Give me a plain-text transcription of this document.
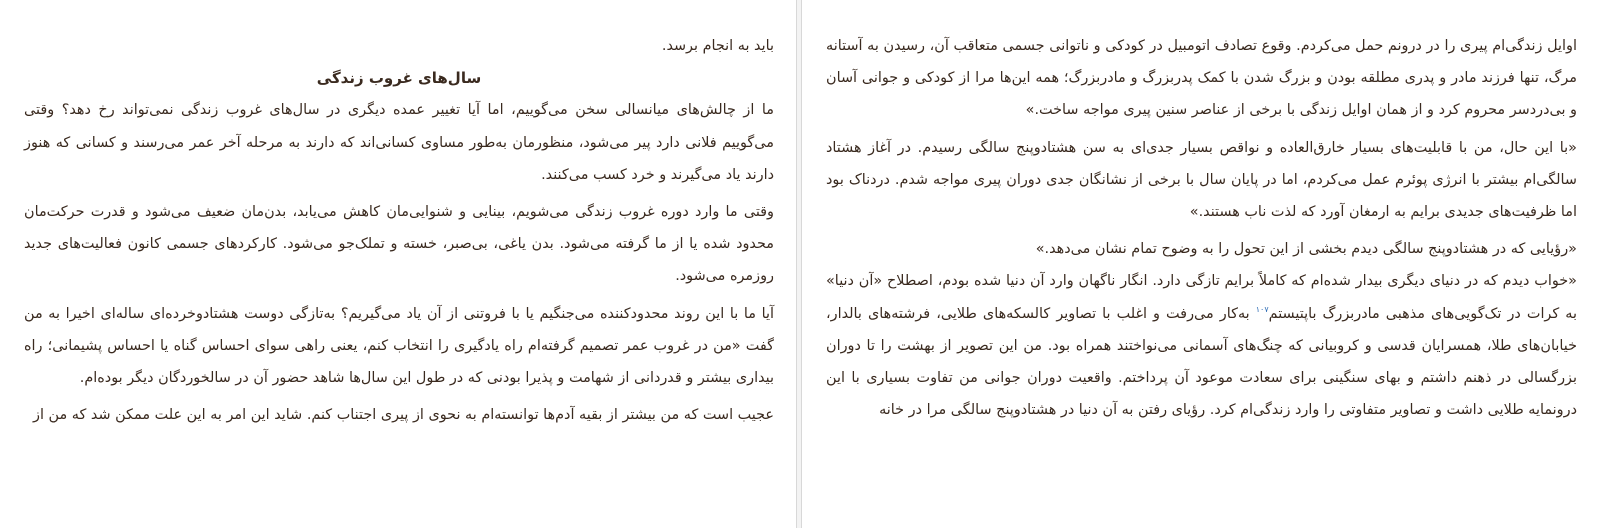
باید به انجام برسد.

سال‌های غروب زندگی

ما از چالش‌های میانسالی سخن می‌گوییم، اما آیا تغییر عمده دیگری در سال‌های غروب زندگی نمی‌تواند رخ دهد؟ وقتی می‌گوییم فلانی دارد پیر می‌شود، منظورمان به‌طور مساوی کسانی‌اند که دارند به مرحله آخر عمر می‌رسند و کسانی که هنوز دارند یاد می‌گیرند و خرد کسب می‌کنند.

وقتی ما وارد دوره غروب زندگی می‌شویم، بینایی و شنوایی‌مان کاهش می‌یابد، بدن‌مان ضعیف می‌شود و قدرت حرکت‌مان محدود شده یا از ما گرفته می‌شود. بدن یاغی، بی‌صبر، خسته و تملک‌جو می‌شود. کارکردهای جسمی کانون فعالیت‌های جدید روزمره می‌شود.

آیا ما با این روند محدودکننده می‌جنگیم یا با فروتنی از آن یاد می‌گیریم؟ به‌تازگی دوست هشتادوخرده‌ای ساله‌ای اخیرا به من گفت «من در غروب عمر تصمیم گرفته‌ام راه یادگیری را انتخاب کنم، یعنی راهی سوای احساس گناه یا احساس پشیمانی؛ راه بیداری بیشتر و قدردانی از شهامت و پذیرا بودنی که در طول این سال‌ها شاهد حضور آن در سالخوردگان دیگر بوده‌ام.

عجیب است که من بیشتر از بقیه آدم‌ها توانسته‌ام به نحوی از پیری اجتناب کنم. شاید این امر به این علت ممکن شد که من از

اوایل زندگی‌ام پیری را در درونم حمل می‌کردم. وقوع تصادف اتومبیل در کودکی و ناتوانی جسمی متعاقب آن، رسیدن به آستانه مرگ، تنها فرزند مادر و پدری مطلقه بودن و بزرگ شدن با کمک پدربزرگ و مادربزرگ؛ همه این‌ها مرا از کودکی و جوانی آسان و بی‌دردسر محروم کرد و از همان اوایل زندگی با برخی از عناصر سنین پیری مواجه ساخت.»

«با این حال، من با قابلیت‌های بسیار خارق‌العاده و نواقص بسیار جدی‌ای به سن هشتادوپنج سالگی رسیدم. در آغاز هشتاد سالگی‌ام بیشتر با انرژی پوئرم عمل می‌کردم، اما در پایان سال با برخی از نشانگان جدی دوران پیری مواجه شدم. دردناک بود اما ظرفیت‌های جدیدی برایم به ارمغان آورد که لذت ناب هستند.»

«رؤیایی که در هشتادوپنج سالگی دیدم بخشی از این تحول را به وضوح تمام نشان می‌دهد.»

«خواب دیدم که در دنیای دیگری بیدار شده‌ام که کاملاً برایم تازگی دارد. انگار ناگهان وارد آن دنیا شده بودم، اصطلاح «آن دنیا» به کرات در تک‌گویی‌های مذهبی مادربزرگ باپتیستم$^{۱۰۷}$ به‌کار می‌رفت و اغلب با تصاویر کالسکه‌های طلایی، فرشته‌های بالدار، خیابان‌های طلا، همسرایان قدسی و کروبیانی که چنگ‌های آسمانی می‌نواختند همراه بود. من این تصویر از بهشت را تا دوران بزرگسالی در ذهنم داشتم و بهای سنگینی برای سعادت موعود آن پرداختم. واقعیت دوران جوانی من تفاوت بسیاری با این درونمایه طلایی داشت و تصاویر متفاوتی را وارد زندگی‌ام کرد. رؤیای رفتن به آن دنیا در هشتادوپنج سالگی مرا در خانه
